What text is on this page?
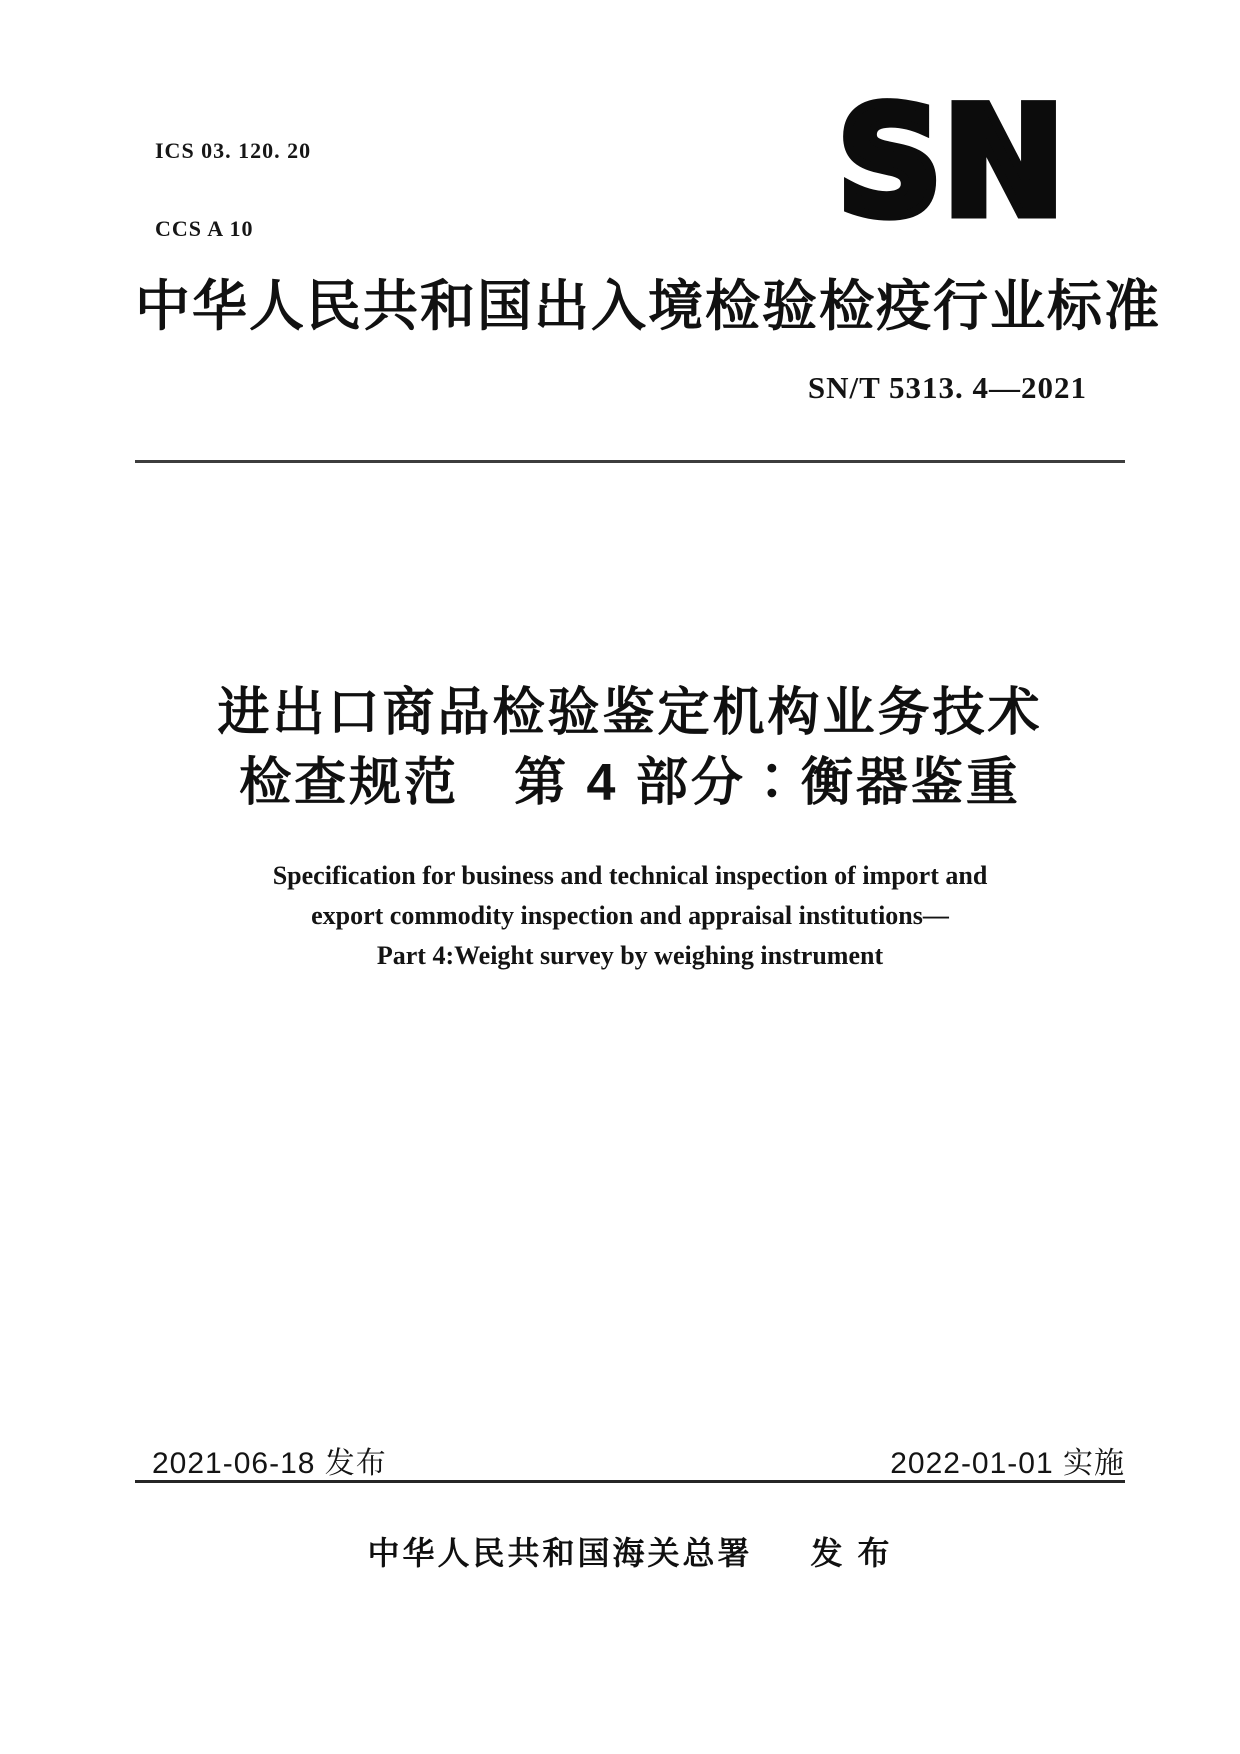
ICS 03. 120. 20

CCS A 10

	SN
中华人民共和国出入境检验检疫行业标准
SN/T 5313. 4—2021
进出口商品检验鉴定机构业务技术
检查规范　第 4 部分∶衡器鉴重
Specification for business and technical inspection of import and
export commodity inspection and appraisal institutions—
Part 4:Weight survey by weighing instrument
2021-06-18 发布	2022-01-01 实施
中华人民共和国海关总署 发 布
